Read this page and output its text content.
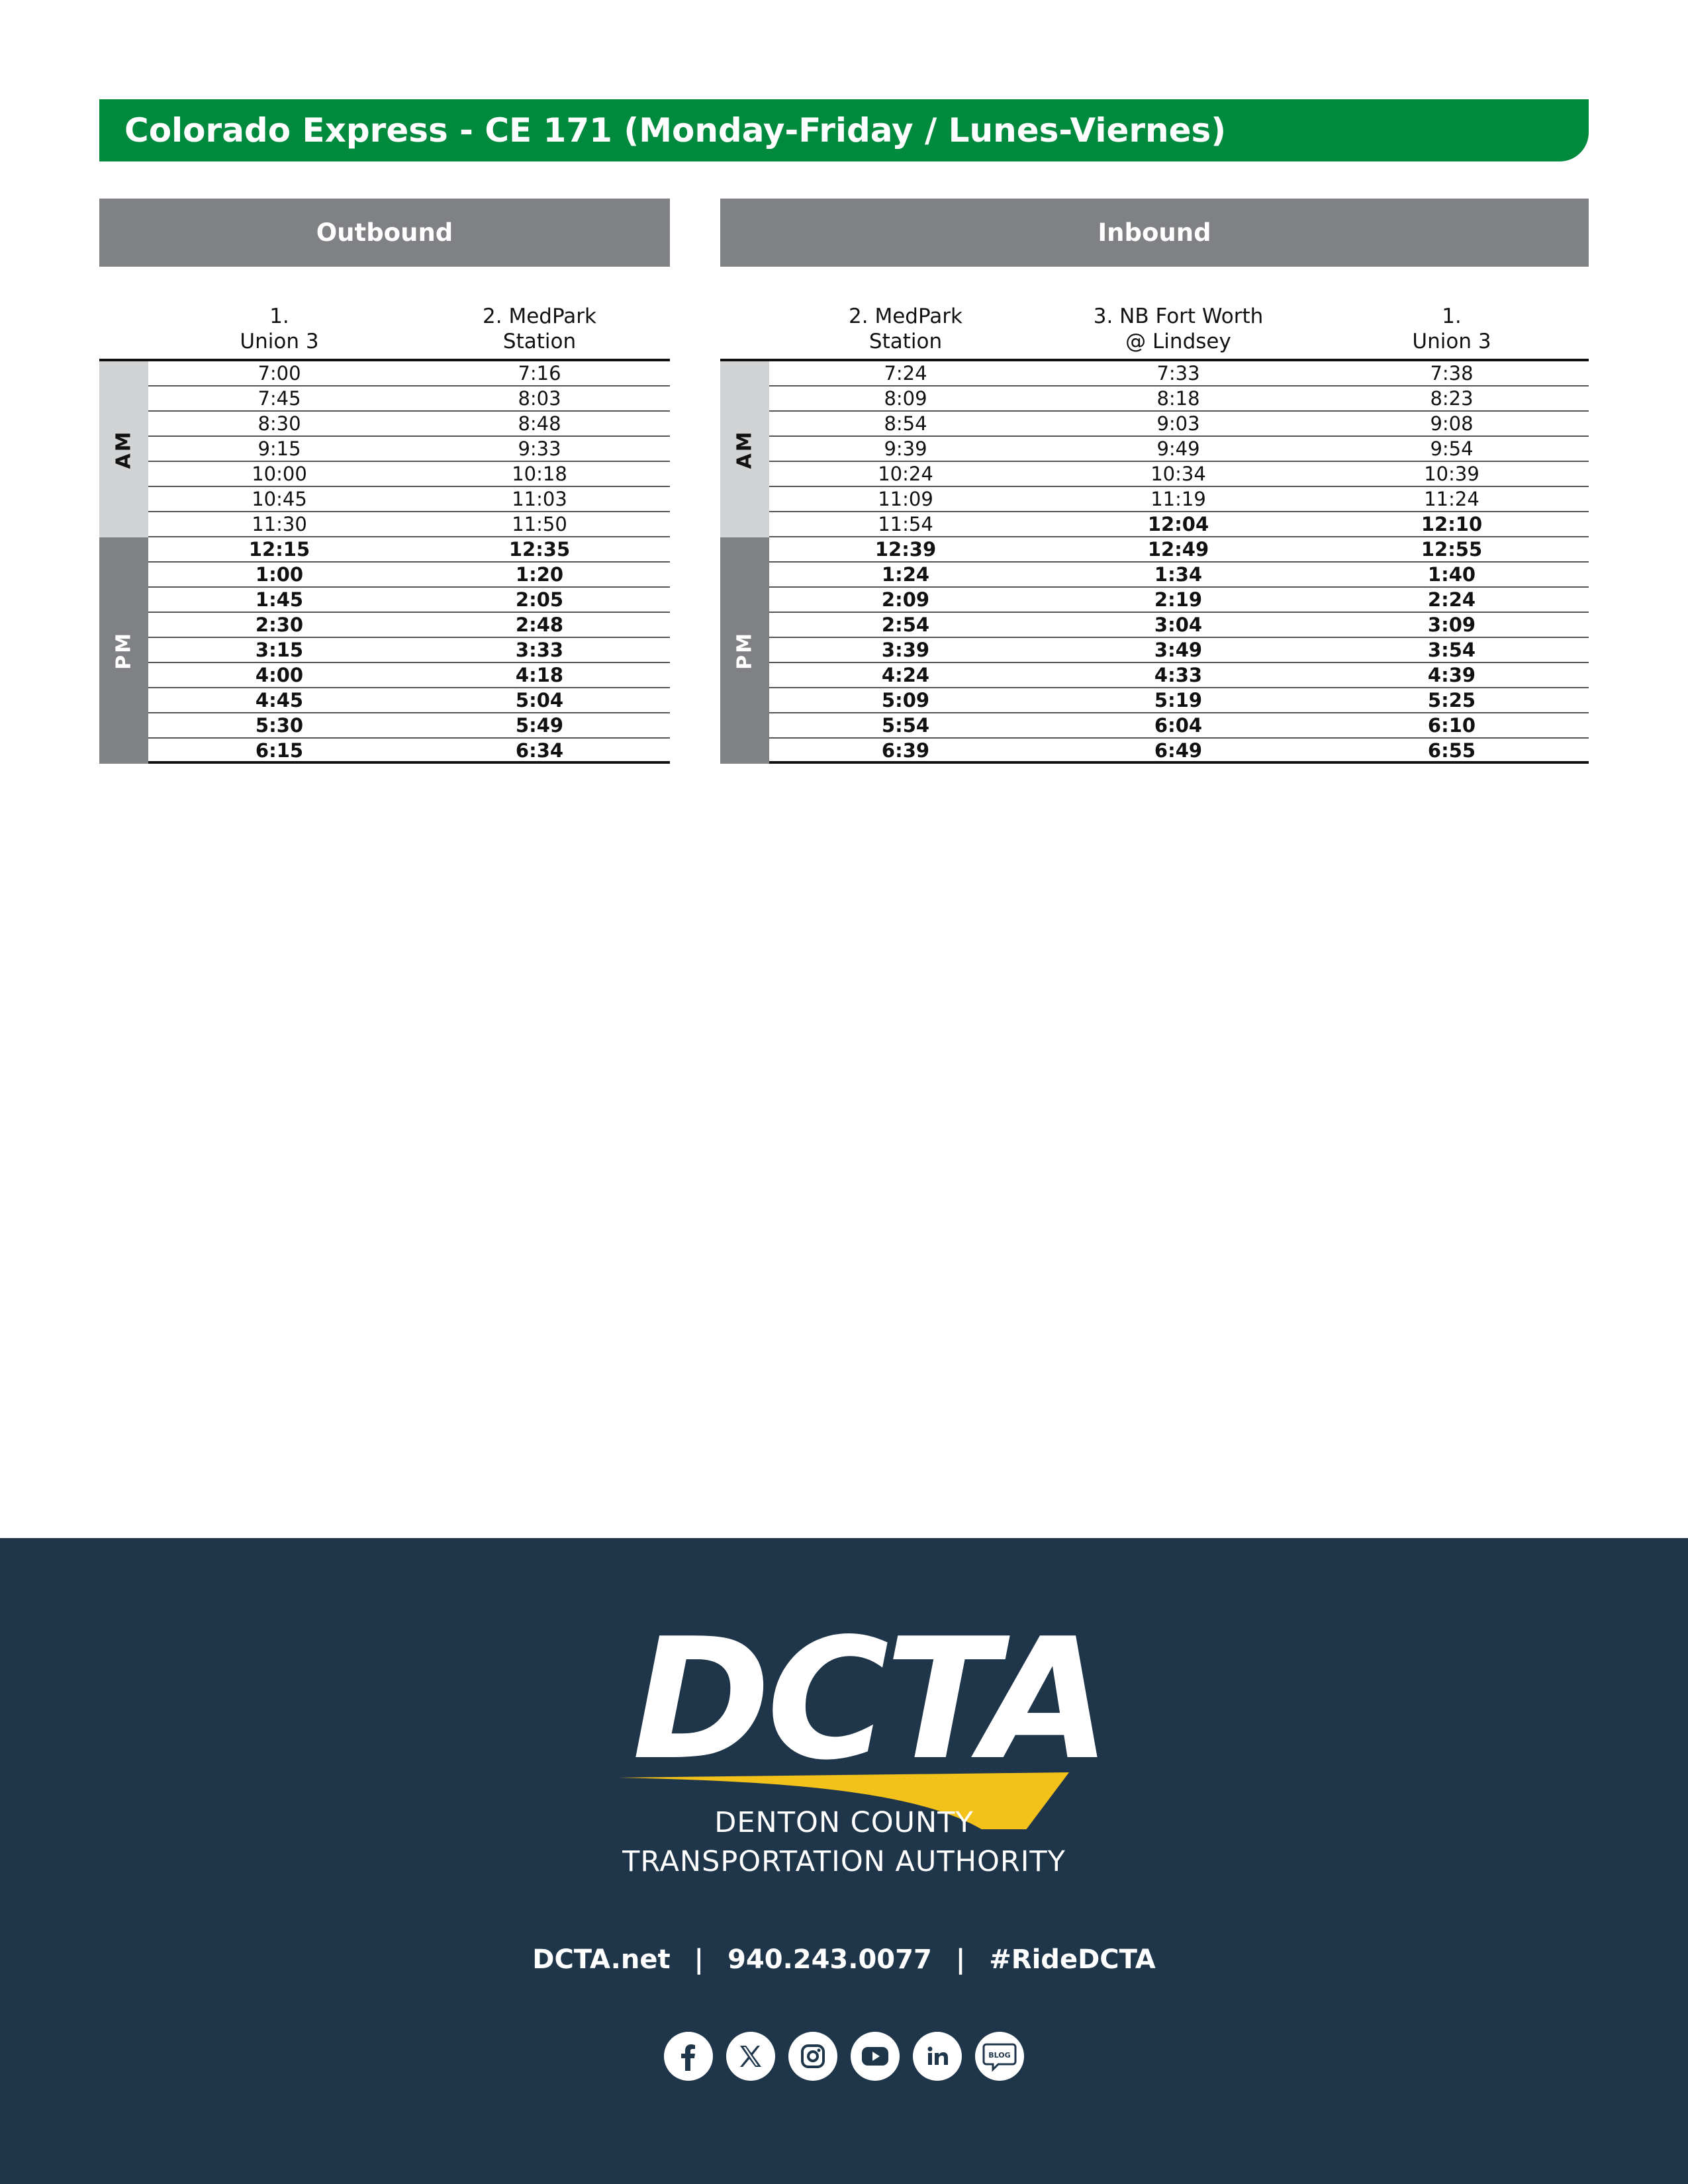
Colorado Express - CE 171 (Monday-Friday / Lunes-Viernes)
Outbound
1.
Union 3
2. MedPark
Station
AM
PM
7:00	7:16
7:45	8:03
8:30	8:48
9:15	9:33
10:00	10:18
10:45	11:03
11:30	11:50
12:15	12:35
1:00	1:20
1:45	2:05
2:30	2:48
3:15	3:33
4:00	4:18
4:45	5:04
5:30	5:49
6:15	6:34
Inbound
2. MedPark
Station
3. NB Fort Worth
@ Lindsey
1.
Union 3
AM
PM
7:24	7:33	7:38
8:09	8:18	8:23
8:54	9:03	9:08
9:39	9:49	9:54
10:24	10:34	10:39
11:09	11:19	11:24
11:54	12:04	12:10
12:39	12:49	12:55
1:24	1:34	1:40
2:09	2:19	2:24
2:54	3:04	3:09
3:39	3:49	3:54
4:24	4:33	4:39
5:09	5:19	5:25
5:54	6:04	6:10
6:39	6:49	6:55
DCTA
DENTON COUNTY
TRANSPORTATION AUTHORITY
DCTA.net | 940.243.0077 | #RideDCTA
BLOG
